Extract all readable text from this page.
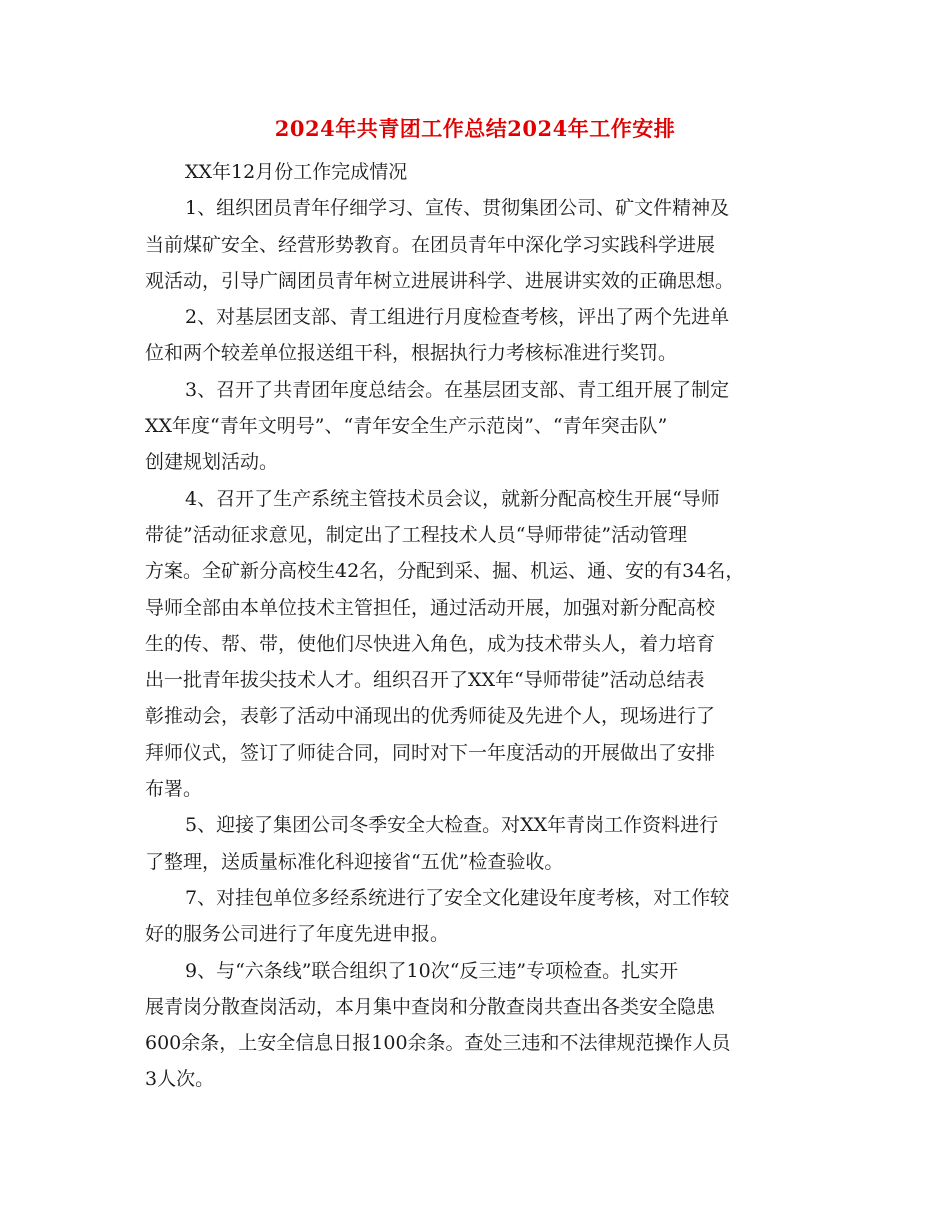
2024年共青团工作总结2024年工作安排

XX年12月份工作完成情况

1、组织团员青年仔细学习、宣传、贯彻集团公司、矿文件精神及
当前煤矿安全、经营形势教育。在团员青年中深化学习实践科学进展
观活动，引导广阔团员青年树立进展讲科学、进展讲实效的正确思想。

2、对基层团支部、青工组进行月度检查考核，评出了两个先进单
位和两个较差单位报送组干科，根据执行力考核标准进行奖罚。

3、召开了共青团年度总结会。在基层团支部、青工组开展了制定
XX年度“青年文明号”、“青年安全生产示范岗”、“青年突击队”
创建规划活动。

4、召开了生产系统主管技术员会议，就新分配高校生开展“导师
带徒”活动征求意见，制定出了工程技术人员“导师带徒”活动管理
方案。全矿新分高校生42名，分配到采、掘、机运、通、安的有34名，
导师全部由本单位技术主管担任，通过活动开展，加强对新分配高校
生的传、帮、带，使他们尽快进入角色，成为技术带头人，着力培育
出一批青年拔尖技术人才。组织召开了XX年“导师带徒”活动总结表
彰推动会，表彰了活动中涌现出的优秀师徒及先进个人，现场进行了
拜师仪式，签订了师徒合同，同时对下一年度活动的开展做出了安排
布署。

5、迎接了集团公司冬季安全大检查。对XX年青岗工作资料进行
了整理，送质量标准化科迎接省“五优”检查验收。

7、对挂包单位多经系统进行了安全文化建设年度考核，对工作较
好的服务公司进行了年度先进申报。

9、与“六条线”联合组织了10次“反三违”专项检查。扎实开
展青岗分散查岗活动，本月集中查岗和分散查岗共查出各类安全隐患
600余条，上安全信息日报100余条。查处三违和不法律规范操作人员
3人次。
